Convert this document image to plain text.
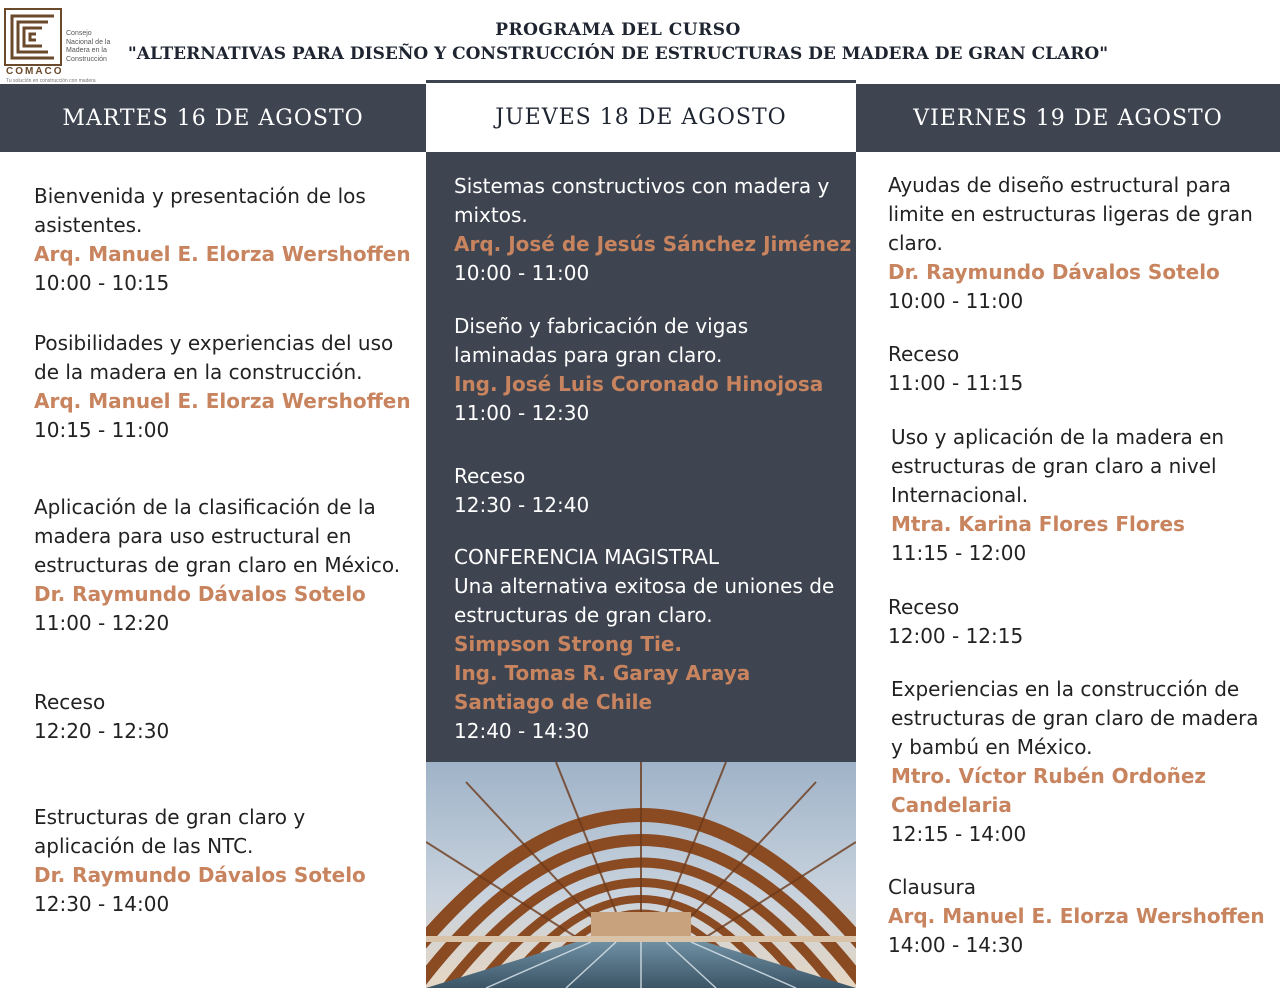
Consejo
Nacional de la
Madera en la
Construcción
COMACO
Tu solución en construcción con madera
PROGRAMA DEL CURSO
"ALTERNATIVAS PARA DISEÑO Y CONSTRUCCIÓN DE ESTRUCTURAS DE MADERA DE GRAN CLARO"
MARTES 16 DE AGOSTO	JUEVES 18 DE AGOSTO	VIERNES 19 DE AGOSTO
Bienvenida y presentación de los
asistentes.
Arq. Manuel E. Elorza Wershoffen
10:00 - 10:15
Posibilidades y experiencias del uso
de la madera en la construcción.
Arq. Manuel E. Elorza Wershoffen
10:15 - 11:00
Aplicación de la clasificación de la
madera para uso estructural en
estructuras de gran claro en México.
Dr. Raymundo Dávalos Sotelo
11:00 - 12:20
Receso
12:20 - 12:30
Estructuras de gran claro y
aplicación de las NTC.
Dr. Raymundo Dávalos Sotelo
12:30 - 14:00
Sistemas constructivos con madera y
mixtos.
Arq. José de Jesús Sánchez Jiménez
10:00 - 11:00
Diseño y fabricación de vigas
laminadas para gran claro.
Ing. José Luis Coronado Hinojosa
11:00 - 12:30
Receso
12:30 - 12:40
CONFERENCIA MAGISTRAL
Una alternativa exitosa de uniones de
estructuras de gran claro.
Simpson Strong Tie.
Ing. Tomas R. Garay Araya
Santiago de Chile
12:40 - 14:30
Ayudas de diseño estructural para
limite en estructuras ligeras de gran
claro.
Dr. Raymundo Dávalos Sotelo
10:00 - 11:00
Receso
11:00 - 11:15
Uso y aplicación de la madera en
estructuras de gran claro a nivel
Internacional.
Mtra. Karina Flores Flores
11:15 - 12:00
Receso
12:00 - 12:15
Experiencias en la construcción de
estructuras de gran claro de madera
y bambú en México.
Mtro. Víctor Rubén Ordoñez
Candelaria
12:15 - 14:00
Clausura
Arq. Manuel E. Elorza Wershoffen
14:00 - 14:30
